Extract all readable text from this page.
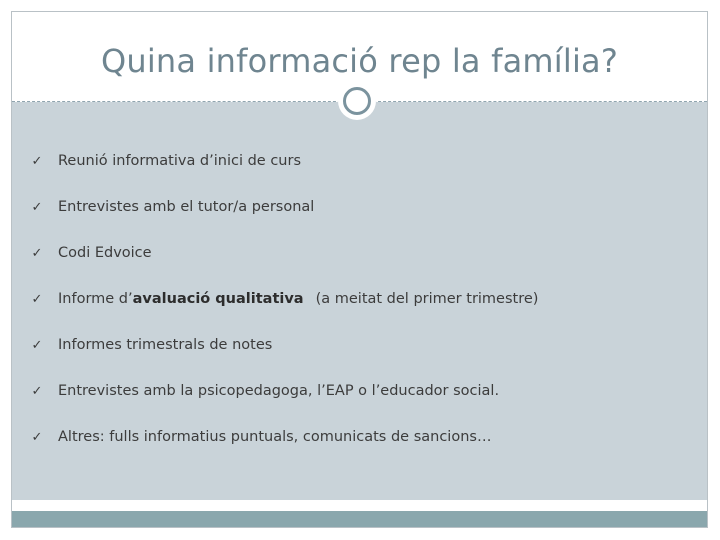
Quina informació rep la família?
✓ Reunió informativa d’inici de curs
✓ Entrevistes amb el tutor/a personal
✓ Codi Edvoice
✓ Informe d’ avaluació qualitativa (a meitat del primer trimestre)
✓ Informes trimestrals de notes
✓ Entrevistes amb la psicopedagoga, l’EAP o l’educador social.
✓ Altres: fulls informatius puntuals, comunicats de sancions…
